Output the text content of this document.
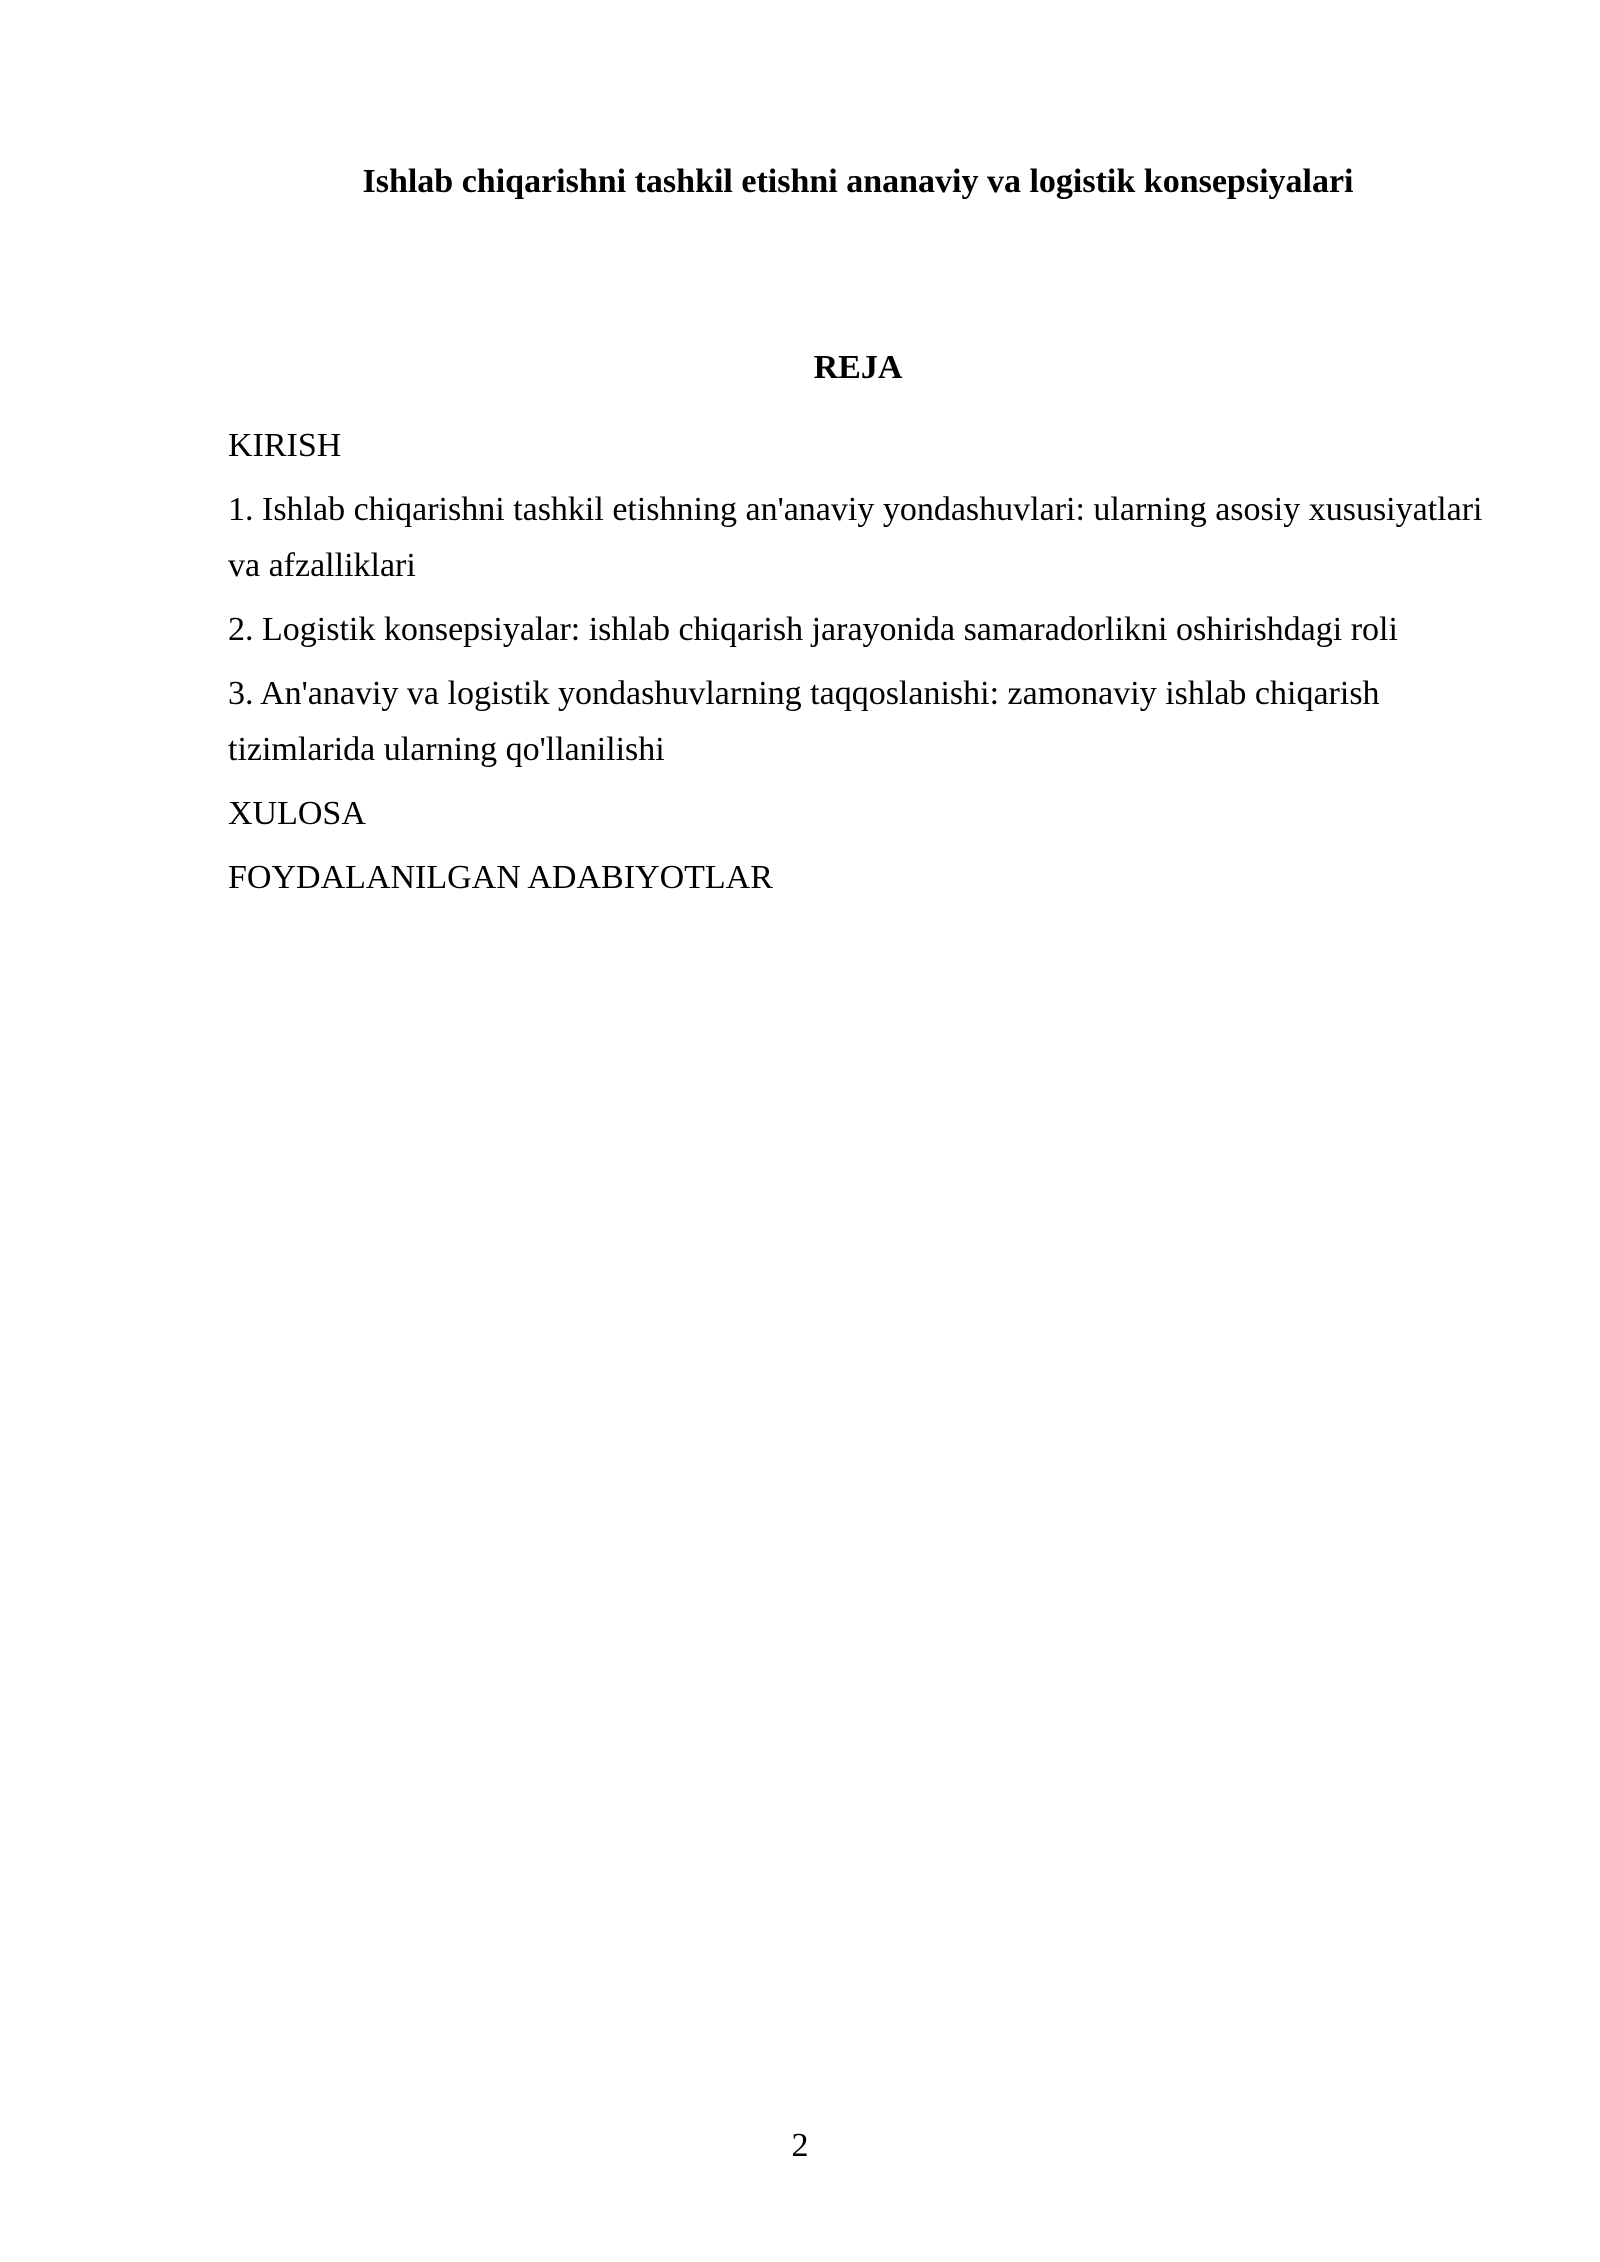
Ishlab chiqarishni tashkil etishni ananaviy va logistik konsepsiyalari
REJA
KIRISH
1. Ishlab chiqarishni tashkil etishning an'anaviy yondashuvlari: ularning asosiy xususiyatlari va afzalliklari
2. Logistik konsepsiyalar: ishlab chiqarish jarayonida samaradorlikni oshirishdagi roli
3. An'anaviy va logistik yondashuvlarning taqqoslanishi: zamonaviy ishlab chiqarish tizimlarida ularning qo'llanilishi
XULOSA
FOYDALANILGAN ADABIYOTLAR
2
